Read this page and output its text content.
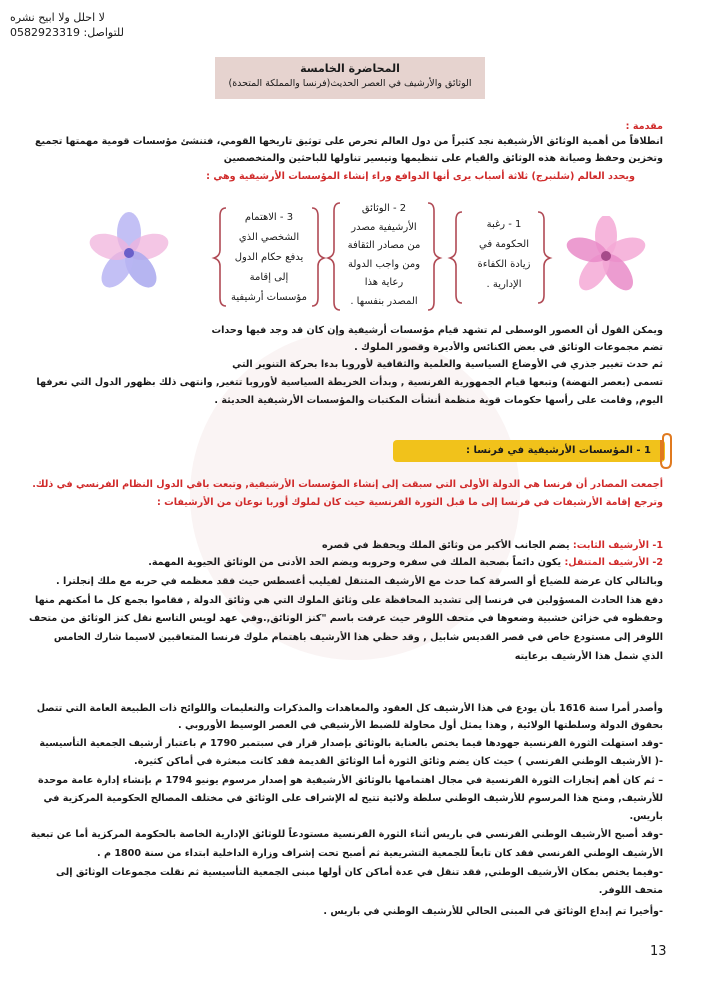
لا احلل ولا ابيح نشره
للتواصل: 0582923319
المحاضرة الخامسة
الوثائق والأرشيف في العصر الحديث(فرنسا والمملكة المتحدة)
مقدمة :
انطلاقاً من أهمية الوثائق الأرشيفية نجد كثيراً من دول العالم تحرص على توثيق تاريخها القومي، فتنشئ مؤسسات قومية مهمتها تجميع
وتخزين وحفظ وصيانة هذه الوثائق والقيام على تنظيمها وتيسير تناولها للباحثين والمتخصصين
ويحدد العالم (شلنبرج) ثلاثة أسباب يرى أنها الدوافع وراء إنشاء المؤسسات الأرشيفية وهي :
1 - رغبة
الحكومة في
زيادة الكفاءة
الإدارية .
2 - الوثائق
الأرشيفية مصدر
من مصادر الثقافة
ومن واجب الدولة
رعاية هذا
المصدر بنفسها .
3 - الاهتمام
الشخصي الذي
يدفع حكام الدول
إلى إقامة
مؤسسات أرشيفية
ويمكن القول أن العصور الوسطى لم تشهد قيام مؤسسات أرشيفية وإن كان قد وجد فيها وحدات
تضم مجموعات الوثائق في بعض الكنائس والأديرة وقصور الملوك .
ثم حدث تغيير جذري في الأوضاع السياسية والعلمية والثقافية لأوروبا بدءا بحركة التنوير التي
تسمى (بعصر النهضة) وتبعها قيام الجمهورية الفرنسية , وبدأت الخريطة السياسية لأوروبا تتغير, وانتهى ذلك بظهور الدول التي نعرفها
اليوم, وقامت على رأسها حكومات قوية منظمة أنشأت المكتبات والمؤسسات الأرشيفية الحديثة .
1 - المؤسسات الأرشيفية في فرنسا :
أجمعت المصادر أن فرنسا هي الدولة الأولى التي سبقت إلى إنشاء المؤسسات الأرشيفية, وتبعت باقي الدول النظام الفرنسي في ذلك.
وترجع إقامة الأرشيفات في فرنسا إلى ما قبل الثورة الفرنسية حيث كان لملوك أوربا نوعان من الأرشيفات :
1- الأرشيف الثابت: يضم الجانب الأكبر من وثائق الملك ويحفظ في قصره
2- الأرشيف المتنقل: يكون دائماً بصحبة الملك في سفره وحروبه ويضم الحد الأدنى من الوثائق الحيوية المهمة.
وبالتالي كان عرضة للضياع أو السرقة كما حدث مع الأرشيف المتنقل لفيليب أغسطس حيث فقد معظمه في حربه مع ملك إنجلترا .
دفع هذا الحادث المسؤولين في فرنسا إلى تشديد المحافظة على وثائق الملوك التي هي وثائق الدولة , فقاموا بجمع كل ما أمكنهم منها
وحفظوه في خزائن خشبية وضعوها في متحف اللوفر حيث عرفت باسم "كنز الوثائق,.وفي عهد لويس التاسع نقل كنز الوثائق من متحف
اللوفر إلى مستودع خاص في قصر القديس شابيل , وقد حظي هذا الأرشيف باهتمام ملوك فرنسا المتعاقبين لاسيما شارك الخامس
الذي شمل هذا الأرشيف برعايته
وأصدر أمرا سنة 1616 بأن يودع في هذا الأرشيف كل العقود والمعاهدات والمذكرات والتعليمات واللوائح ذات الطبيعة العامة التي تتصل
بحقوق الدولة وسلطتها الولائية , وهذا يمثل أول محاولة للضبط الأرشيفي في العصر الوسيط الأوروبي .
-وقد استهلت الثورة الفرنسية جهودها فيما يختص بالعناية بالوثائق بإصدار قرار في سبتمبر 1790 م باعتبار أرشيف الجمعية التأسيسية
-( الأرشيف الوطني الفرنسي ) حيث كان يضم وثائق الثورة أما الوثائق القديمة فقد كانت مبعثرة في أماكن كثيرة.
– ثم كان أهم إنجازات الثورة الفرنسية في مجال اهتمامها بالوثائق الأرشيفية هو إصدار مرسوم يونيو 1794 م بإنشاء إدارة عامة موحدة
للأرشيف, ومنح هذا المرسوم للأرشيف الوطني سلطة ولائية تتيح له الإشراف على الوثائق في مختلف المصالح الحكومية المركزية في
باريس.
-وقد أصبح الأرشيف الوطني الفرنسي في باريس أثناء الثورة الفرنسية مستودعاً للوثائق الإدارية الخاصة بالحكومة المركزية أما عن تبعية
الأرشيف الوطني الفرنسي فقد كان تابعاً للجمعية التشريعية ثم أصبح تحت إشراف وزارة الداخلية ابتداء من سنة 1800 م .
-وفيما يختص بمكان الأرشيف الوطني, فقد تنقل في عدة أماكن كان أولها مبنى الجمعية التأسيسية ثم نقلت مجموعات الوثائق إلى
متحف اللوفر.
-وأخيرا تم إيداع الوثائق في المبنى الحالي للأرشيف الوطني في باريس .
13
